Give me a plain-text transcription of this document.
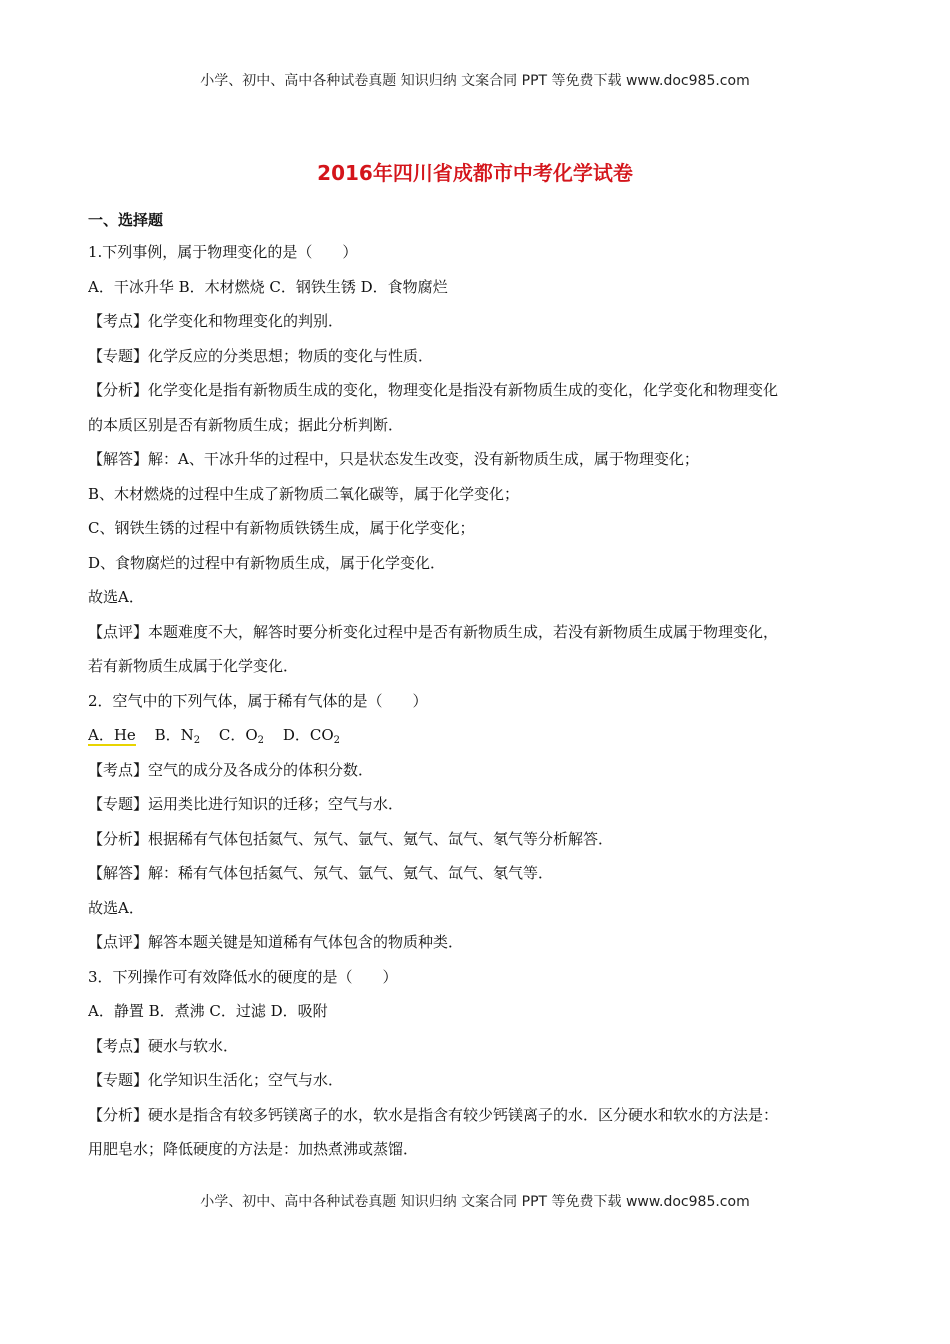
小学、初中、高中各种试卷真题 知识归纳 文案合同 PPT 等免费下载 www.doc985.com
2016年四川省成都市中考化学试卷
一、选择题
1.下列事例，属于物理变化的是（　　）
A．干冰升华 B．木材燃烧 C．钢铁生锈 D．食物腐烂
【考点】化学变化和物理变化的判别．
【专题】化学反应的分类思想；物质的变化与性质．
【分析】化学变化是指有新物质生成的变化，物理变化是指没有新物质生成的变化，化学变化和物理变化
的本质区别是否有新物质生成；据此分析判断．
【解答】解：A、干冰升华的过程中，只是状态发生改变，没有新物质生成，属于物理变化；
B、木材燃烧的过程中生成了新物质二氧化碳等，属于化学变化；
C、钢铁生锈的过程中有新物质铁锈生成，属于化学变化；
D、食物腐烂的过程中有新物质生成，属于化学变化．
故选A．
【点评】本题难度不大，解答时要分析变化过程中是否有新物质生成，若没有新物质生成属于物理变化，
若有新物质生成属于化学变化．
2．空气中的下列气体，属于稀有气体的是（　　）
A．He B．$N_2$ C．$O_2$ D．$CO_2$
【考点】空气的成分及各成分的体积分数．
【专题】运用类比进行知识的迁移；空气与水．
【分析】根据稀有气体包括氦气、氖气、氩气、氪气、氙气、氡气等分析解答．
【解答】解：稀有气体包括氦气、氖气、氩气、氪气、氙气、氡气等．
故选A．
【点评】解答本题关键是知道稀有气体包含的物质种类．
3．下列操作可有效降低水的硬度的是（　　）
A．静置 B．煮沸 C．过滤 D．吸附
【考点】硬水与软水．
【专题】化学知识生活化；空气与水．
【分析】硬水是指含有较多钙镁离子的水，软水是指含有较少钙镁离子的水．区分硬水和软水的方法是：
用肥皂水；降低硬度的方法是：加热煮沸或蒸馏．
小学、初中、高中各种试卷真题 知识归纳 文案合同 PPT 等免费下载 www.doc985.com
